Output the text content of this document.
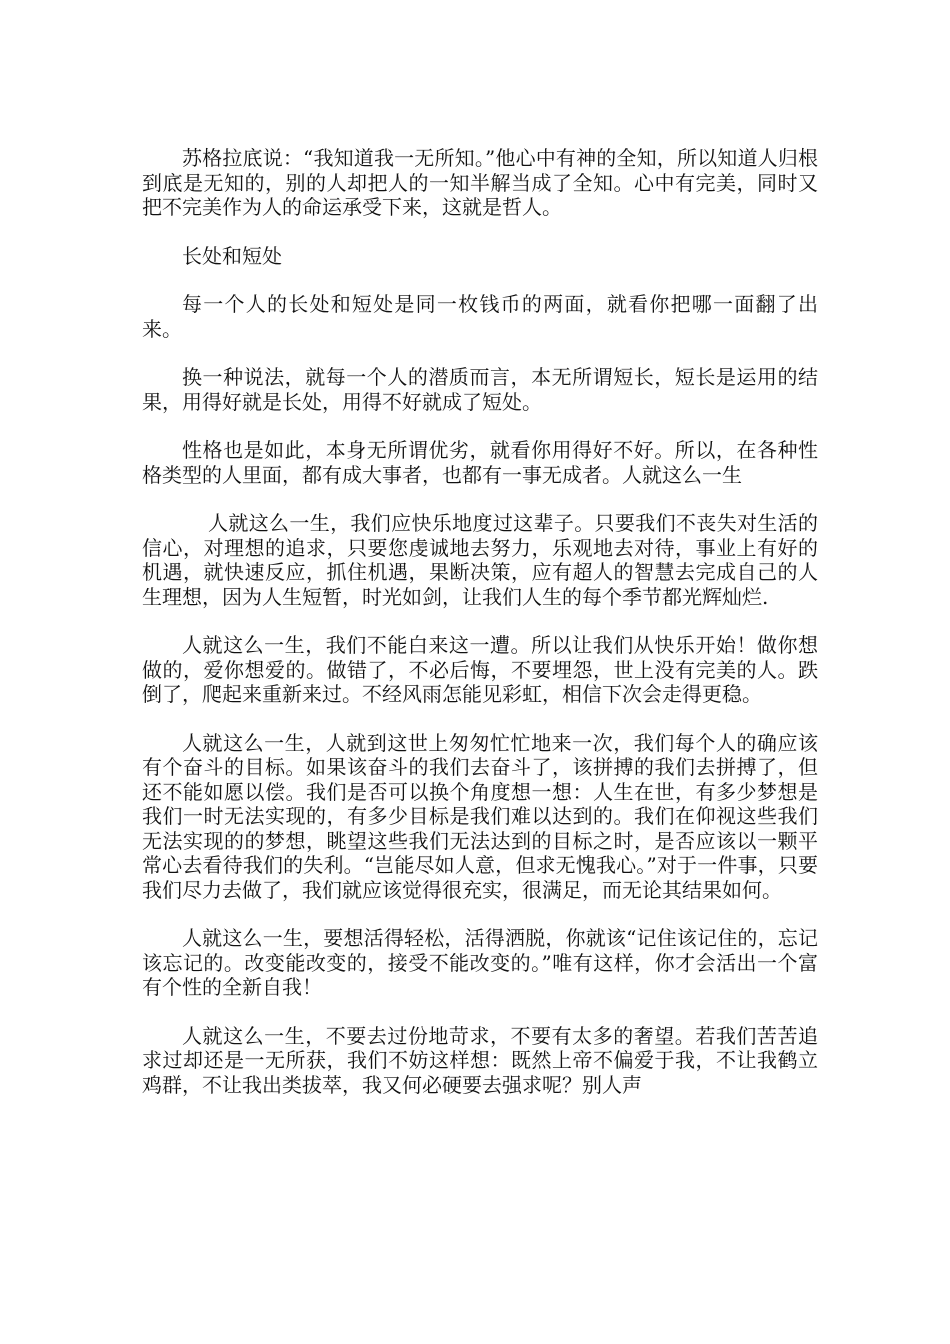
苏格拉底说：“我知道我一无所知。”他心中有神的全知，所以知道人归根到底是无知的，别的人却把人的一知半解当成了全知。心中有完美，同时又把不完美作为人的命运承受下来，这就是哲人。

长处和短处

每一个人的长处和短处是同一枚钱币的两面，就看你把哪一面翻了出来。

换一种说法，就每一个人的潜质而言，本无所谓短长，短长是运用的结果，用得好就是长处，用得不好就成了短处。

性格也是如此，本身无所谓优劣，就看你用得好不好。所以，在各种性格类型的人里面，都有成大事者，也都有一事无成者。人就这么一生

人就这么一生，我们应快乐地度过这辈子。只要我们不丧失对生活的信心，对理想的追求，只要您虔诚地去努力，乐观地去对待，事业上有好的机遇，就快速反应，抓住机遇，果断决策，应有超人的智慧去完成自己的人生理想，因为人生短暂，时光如剑，让我们人生的每个季节都光辉灿烂.

人就这么一生，我们不能白来这一遭。所以让我们从快乐开始！做你想做的，爱你想爱的。做错了，不必后悔，不要埋怨，世上没有完美的人。跌倒了，爬起来重新来过。不经风雨怎能见彩虹，相信下次会走得更稳。

人就这么一生，人就到这世上匆匆忙忙地来一次，我们每个人的确应该有个奋斗的目标。如果该奋斗的我们去奋斗了，该拼搏的我们去拼搏了，但还不能如愿以偿。我们是否可以换个角度想一想：人生在世，有多少梦想是我们一时无法实现的，有多少目标是我们难以达到的。我们在仰视这些我们无法实现的的梦想，眺望这些我们无法达到的目标之时，是否应该以一颗平常心去看待我们的失利。“岂能尽如人意，但求无愧我心。”对于一件事，只要我们尽力去做了，我们就应该觉得很充实，很满足，而无论其结果如何。

人就这么一生，要想活得轻松，活得洒脱，你就该“记住该记住的，忘记该忘记的。改变能改变的，接受不能改变的。”唯有这样，你才会活出一个富有个性的全新自我！

人就这么一生，不要去过份地苛求，不要有太多的奢望。若我们苦苦追求过却还是一无所获，我们不妨这样想：既然上帝不偏爱于我，不让我鹤立鸡群，不让我出类拔萃，我又何必硬要去强求呢？别人声
